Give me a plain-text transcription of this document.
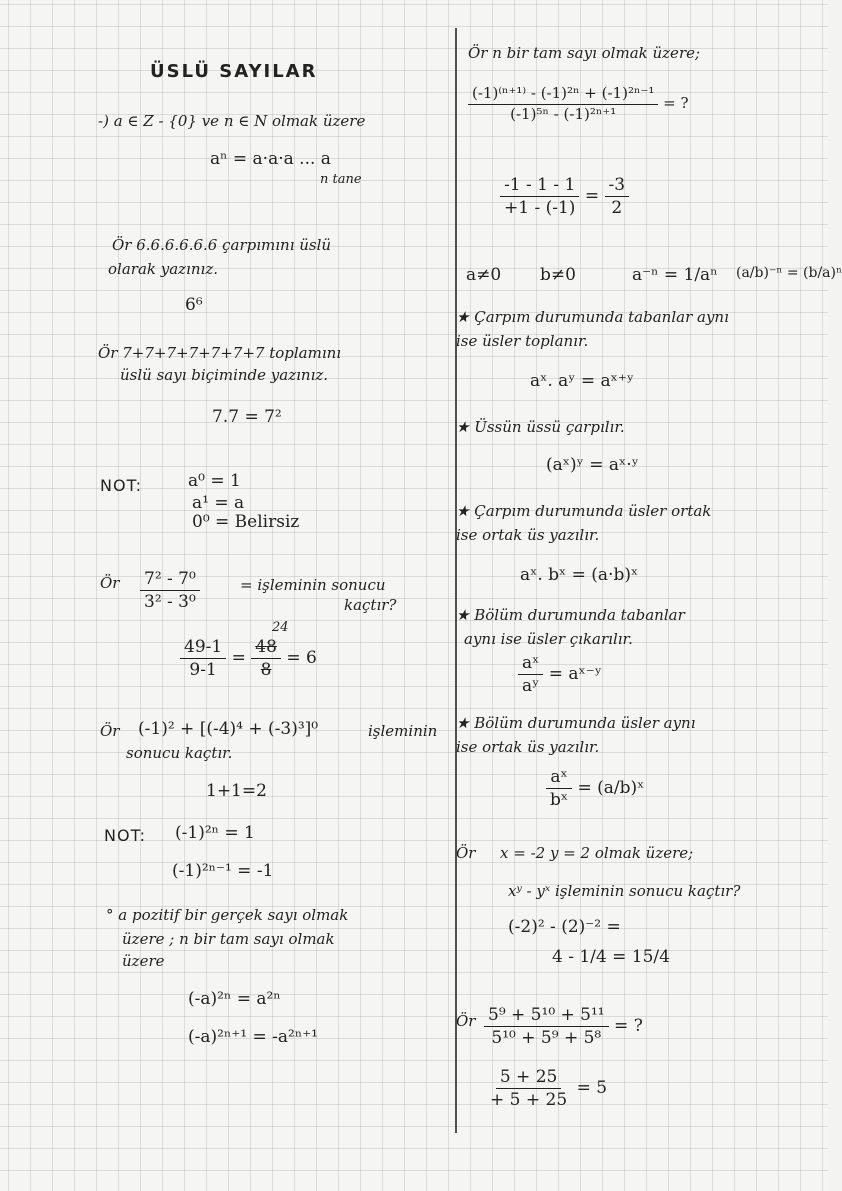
ÜSLÜ SAYILAR
-) a ∈ Z - {0} ve n ∈ N olmak üzere
aⁿ = a·a·a ... a
n tane
Ör 6.6.6.6.6.6 çarpımını üslü
olarak yazınız.
6⁶
Ör 7+7+7+7+7+7+7 toplamını
üslü sayı biçiminde yazınız.
7.7 = 7²
NOT:	a⁰ = 1
a¹ = a
0⁰ = Belirsiz
Ör $\frac{\text{7² - 7⁰}}{\text{3² - 3⁰}}$	= işleminin sonucu
kaçtır?
24
$\frac{49-1}{9-1} = \frac{48}{8} = 6$
Ör (-1)² + [(-4)⁴ + (-3)³]⁰	işleminin
sonucu kaçtır.
1+1=2
NOT: (-1)²ⁿ = 1
(-1)²ⁿ⁻¹ = -1
° a pozitif bir gerçek sayı olmak
üzere ; n bir tam sayı olmak
üzere
(-a)²ⁿ = a²ⁿ
(-a)²ⁿ⁺¹ = -a²ⁿ⁺¹
Ör n bir tam sayı olmak üzere;
$\frac{\text{(-1)⁽ⁿ⁺¹⁾ - (-1)²ⁿ + (-1)²ⁿ⁻¹}}{\text{(-1)⁵ⁿ - (-1)²ⁿ⁺¹}}$ = ?
$\frac{-1 - 1 - 1}{+1 - (-1)} = \frac{-3}{2}$
a≠0 b≠0	a⁻ⁿ = 1/aⁿ (a/b)⁻ⁿ = (b/a)ⁿ
★ Çarpım durumunda tabanlar aynı
ise üsler toplanır.
aˣ. aʸ = aˣ⁺ʸ
★ Üssün üssü çarpılır.
(aˣ)ʸ = aˣ·ʸ
★ Çarpım durumunda üsler ortak
ise ortak üs yazılır.
aˣ. bˣ = (a·b)ˣ
★ Bölüm durumunda tabanlar
aynı ise üsler çıkarılır.
$\frac{\text{aˣ}}{\text{aʸ}}$ = aˣ⁻ʸ
★ Bölüm durumunda üsler aynı
ise ortak üs yazılır.
$\frac{\text{aˣ}}{\text{bˣ}}$ = (a/b)ˣ
Ör x = -2 y = 2 olmak üzere;
xʸ - yˣ işleminin sonucu kaçtır?
(-2)² - (2)⁻² =
4 - 1/4 = 15/4
Ör $\frac{\text{5⁹ + 5¹⁰ + 5¹¹}}{\text{5¹⁰ + 5⁹ + 5⁸}}$ = ?
$\frac{5 + 25}{+ 5 + 25} = 5$
